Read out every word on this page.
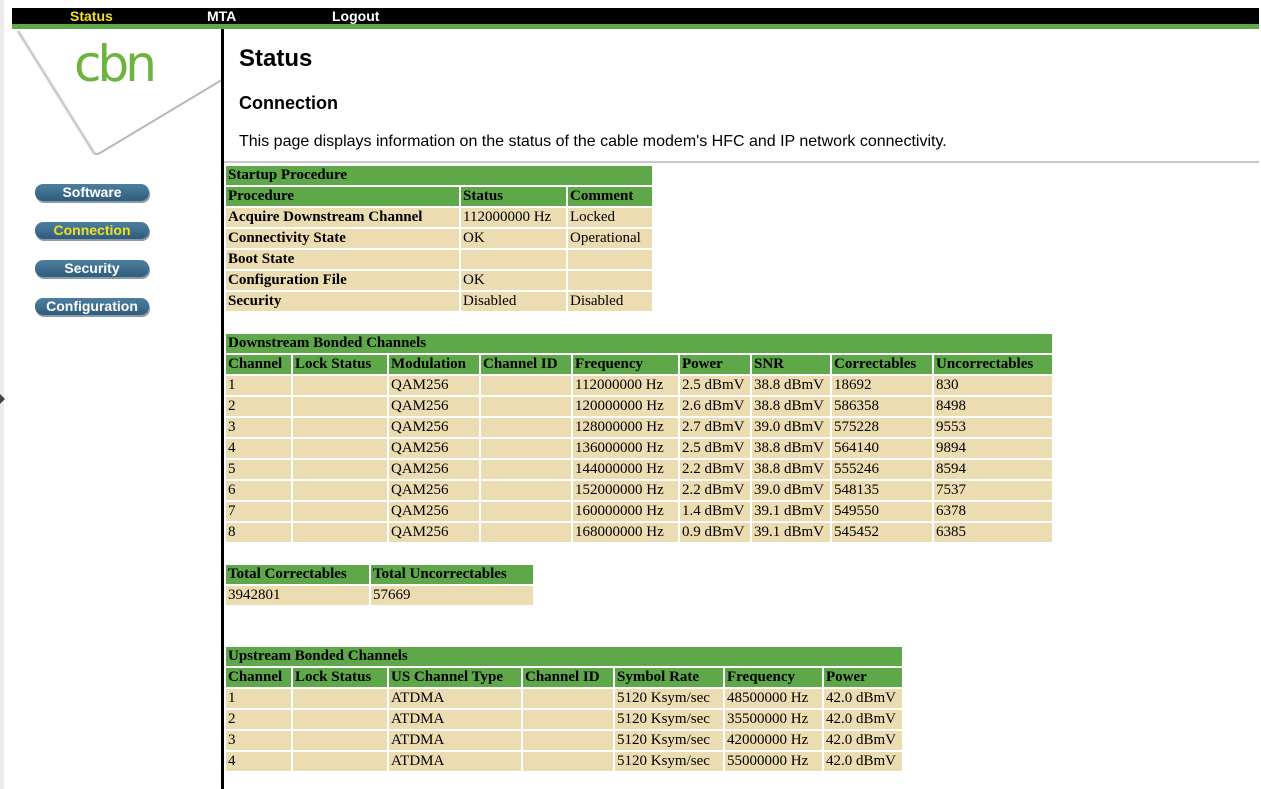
Status	MTA	Logout
cbn
Software
Connection
Security
Configuration
Status
Connection

This page displays information on the status of the cable modem's HFC and IP network connectivity.

Startup Procedure		
Procedure	Status	Comment
Acquire Downstream Channel	112000000 Hz	Locked
Connectivity State	OK	Operational
Boot State		
Configuration File	OK	
Security	Disabled	Disabled
Downstream Bonded Channels								
Channel	Lock Status	Modulation	Channel ID	Frequency	Power	SNR	Correctables	Uncorrectables
1		QAM256		112000000 Hz	2.5 dBmV	38.8 dBmV	18692	830
2		QAM256		120000000 Hz	2.6 dBmV	38.8 dBmV	586358	8498
3		QAM256		128000000 Hz	2.7 dBmV	39.0 dBmV	575228	9553
4		QAM256		136000000 Hz	2.5 dBmV	38.8 dBmV	564140	9894
5		QAM256		144000000 Hz	2.2 dBmV	38.8 dBmV	555246	8594
6		QAM256		152000000 Hz	2.2 dBmV	39.0 dBmV	548135	7537
7		QAM256		160000000 Hz	1.4 dBmV	39.1 dBmV	549550	6378
8		QAM256		168000000 Hz	0.9 dBmV	39.1 dBmV	545452	6385
Total Correctables	Total Uncorrectables
3942801	57669
Upstream Bonded Channels						
Channel	Lock Status	US Channel Type	Channel ID	Symbol Rate	Frequency	Power
1		ATDMA		5120 Ksym/sec	48500000 Hz	42.0 dBmV
2		ATDMA		5120 Ksym/sec	35500000 Hz	42.0 dBmV
3		ATDMA		5120 Ksym/sec	42000000 Hz	42.0 dBmV
4		ATDMA		5120 Ksym/sec	55000000 Hz	42.0 dBmV
